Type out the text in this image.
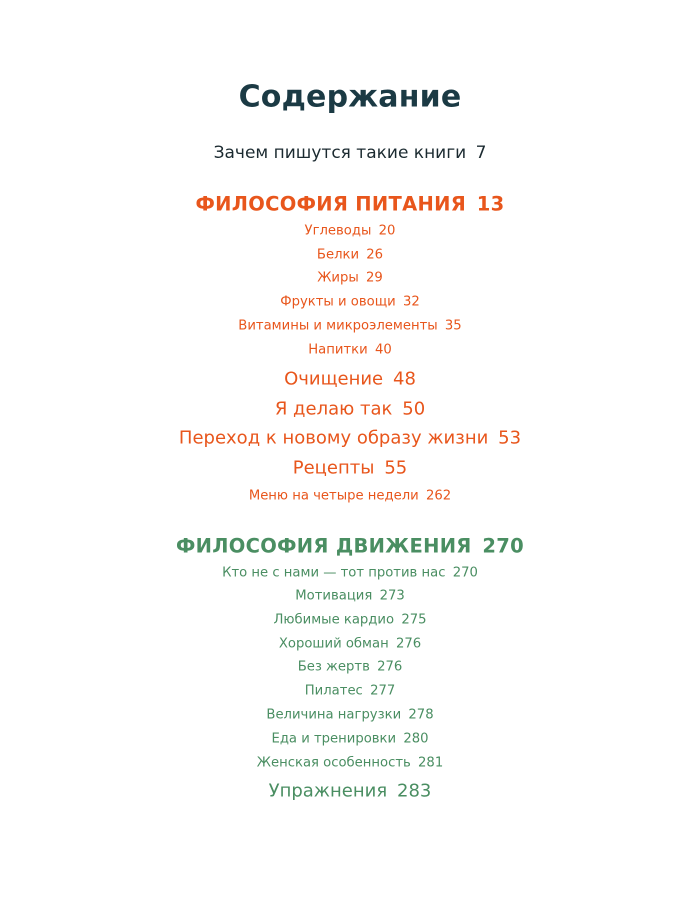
Содержание
Зачем пишутся такие книги 7
ФИЛОСОФИЯ ПИТАНИЯ 13
Углеводы 20
Белки 26
Жиры 29
Фрукты и овощи 32
Витамины и микроэлементы 35
Напитки 40
Очищение 48
Я делаю так 50
Переход к новому образу жизни 53
Рецепты 55
Меню на четыре недели 262
ФИЛОСОФИЯ ДВИЖЕНИЯ 270
Кто не с нами — тот против нас 270
Мотивация 273
Любимые кардио 275
Хороший обман 276
Без жертв 276
Пилатес 277
Величина нагрузки 278
Еда и тренировки 280
Женская особенность 281
Упражнения 283
